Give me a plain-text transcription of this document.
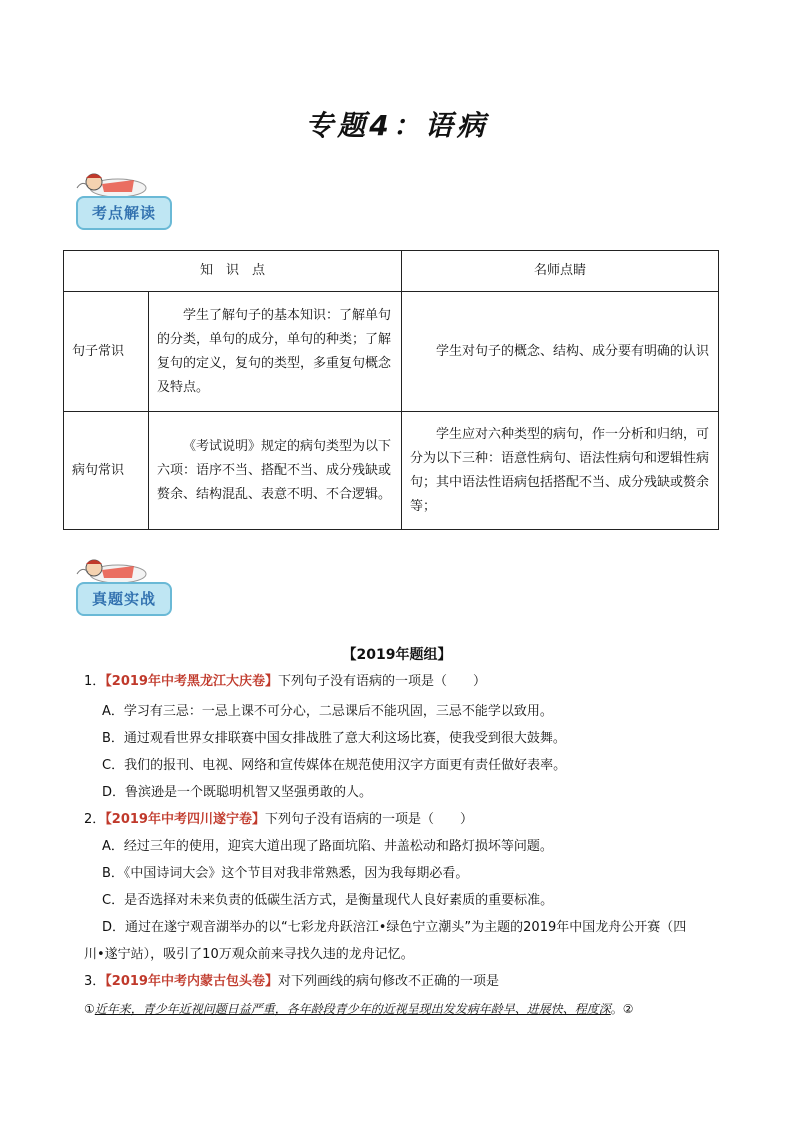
专题4：语病
考点解读
知　识　点		名师点睛
句子常识	学生了解句子的基本知识：了解单句的分类，单句的成分，单句的种类；了解复句的定义，复句的类型，多重复句概念及特点。	学生对句子的概念、结构、成分要有明确的认识
病句常识	《考试说明》规定的病句类型为以下六项：语序不当、搭配不当、成分残缺或赘余、结构混乱、表意不明、不合逻辑。	学生应对六种类型的病句，作一分析和归纳，可分为以下三种：语意性病句、语法性病句和逻辑性病句；其中语法性语病包括搭配不当、成分残缺或赘余等；
真题实战
【2019年题组】
1．【2019年中考黑龙江大庆卷】下列句子没有语病的一项是（　　）
A．学习有三忌：一忌上课不可分心，二忌课后不能巩固，三忌不能学以致用。
B．通过观看世界女排联赛中国女排战胜了意大利这场比赛，使我受到很大鼓舞。
C．我们的报刊、电视、网络和宣传媒体在规范使用汉字方面更有责任做好表率。
D．鲁滨逊是一个既聪明机智又坚强勇敢的人。
2．【2019年中考四川遂宁卷】下列句子没有语病的一项是（　　）
A．经过三年的使用，迎宾大道出现了路面坑陷、井盖松动和路灯损坏等问题。
B．《中国诗词大会》这个节目对我非常熟悉，因为我每期必看。
C．是否选择对未来负责的低碳生活方式，是衡量现代人良好素质的重要标准。
D．通过在遂宁观音湖举办的以“七彩龙舟跃涪江•绿色宁立潮头”为主题的2019年中国龙舟公开赛（四
川•遂宁站），吸引了10万观众前来寻找久违的龙舟记忆。
3．【2019年中考内蒙古包头卷】对下列画线的病句修改不正确的一项是
①近年来，青少年近视问题日益严重，各年龄段青少年的近视呈现出发发病年龄早、进展快、程度深。②
